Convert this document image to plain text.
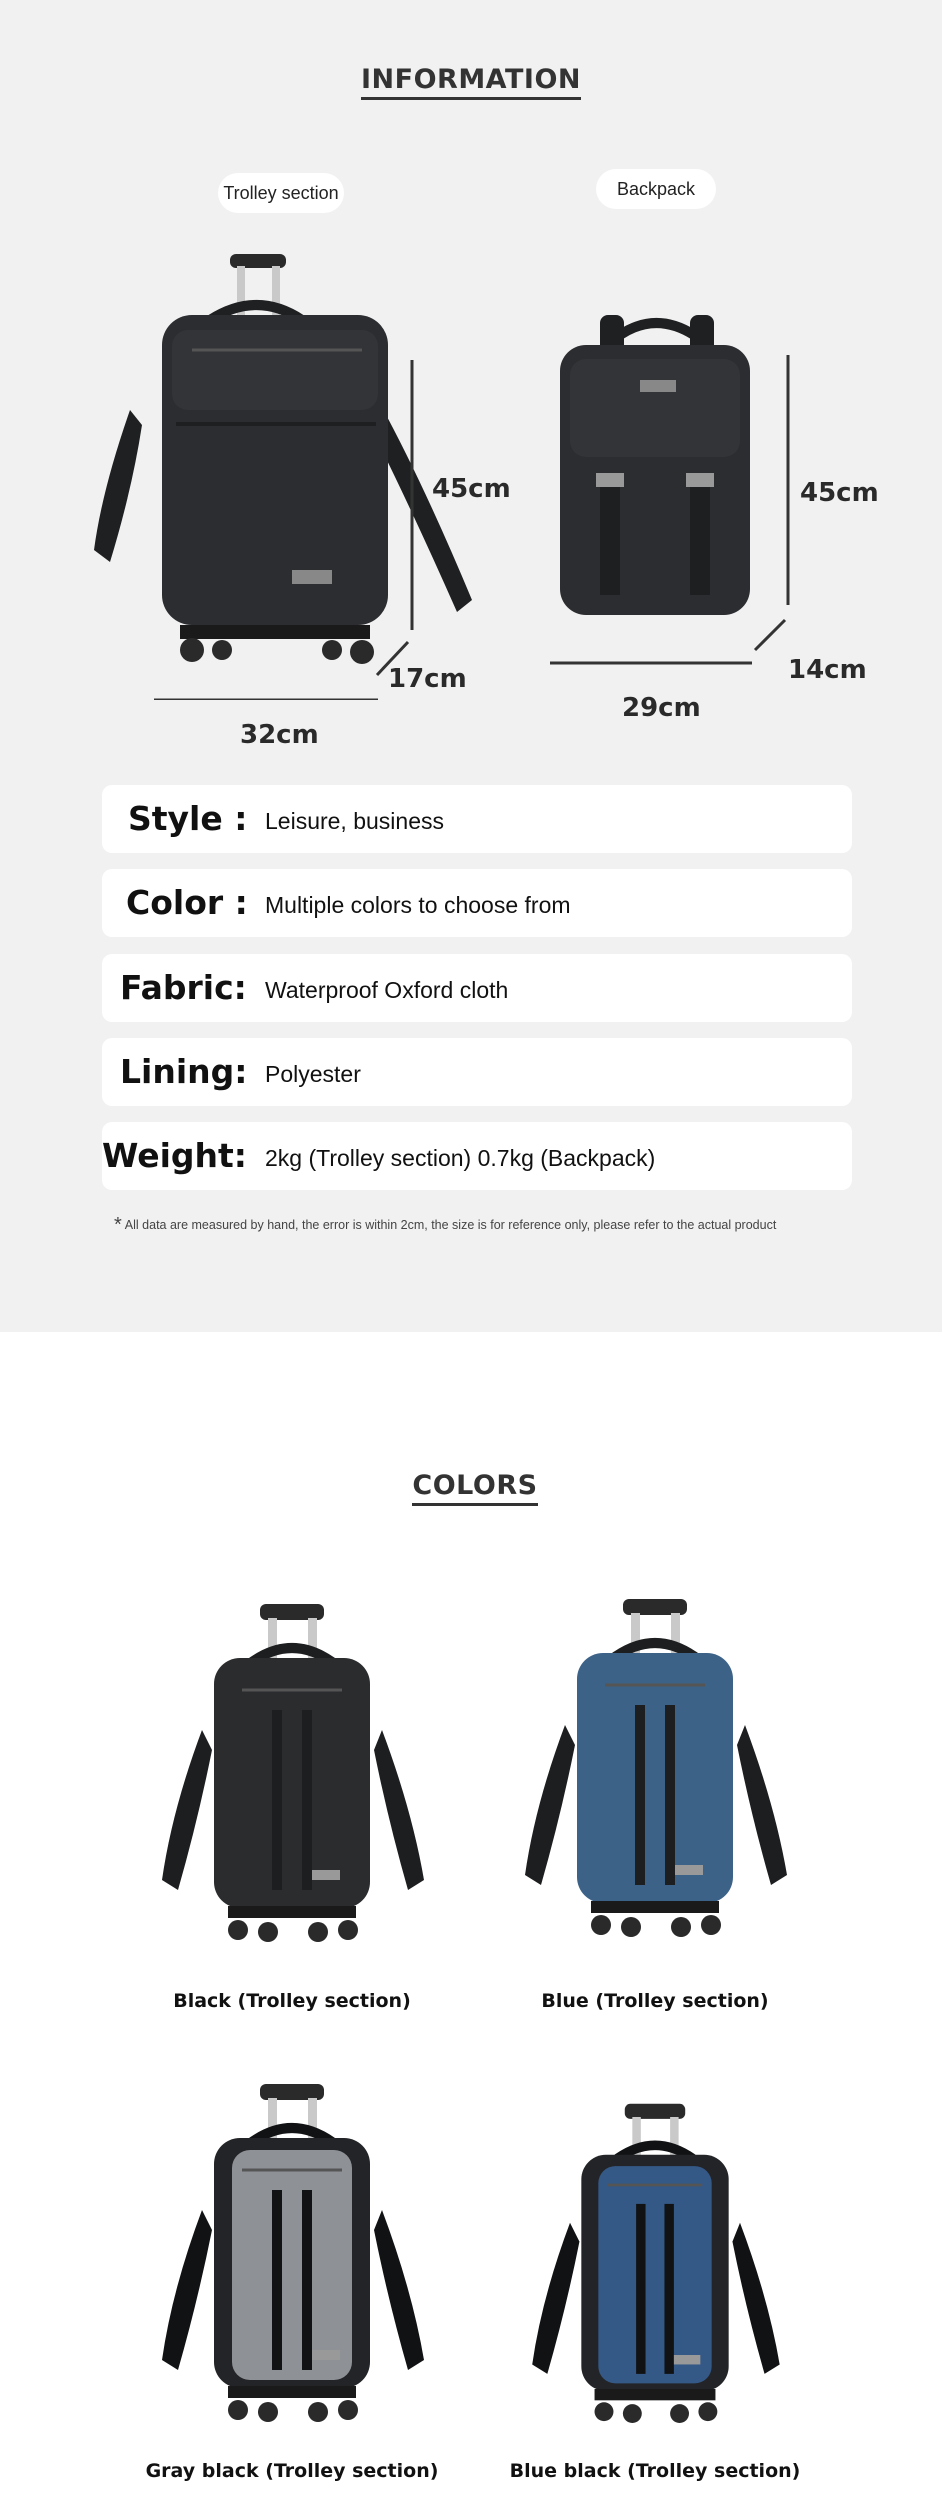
INFORMATION
Trolley section	Backpack
45cm
17cm
32cm
45cm
14cm
29cm
Style : Leisure, business
Color : Multiple colors to choose from
Fabric: Waterproof Oxford cloth
Lining: Polyester
Weight: 2kg (Trolley section) 0.7kg (Backpack)
* All data are measured by hand, the error is within 2cm, the size is for reference only, please refer to the actual product
COLORS
Black (Trolley section)	Blue (Trolley section)
Gray black (Trolley section)	Blue black (Trolley section)
